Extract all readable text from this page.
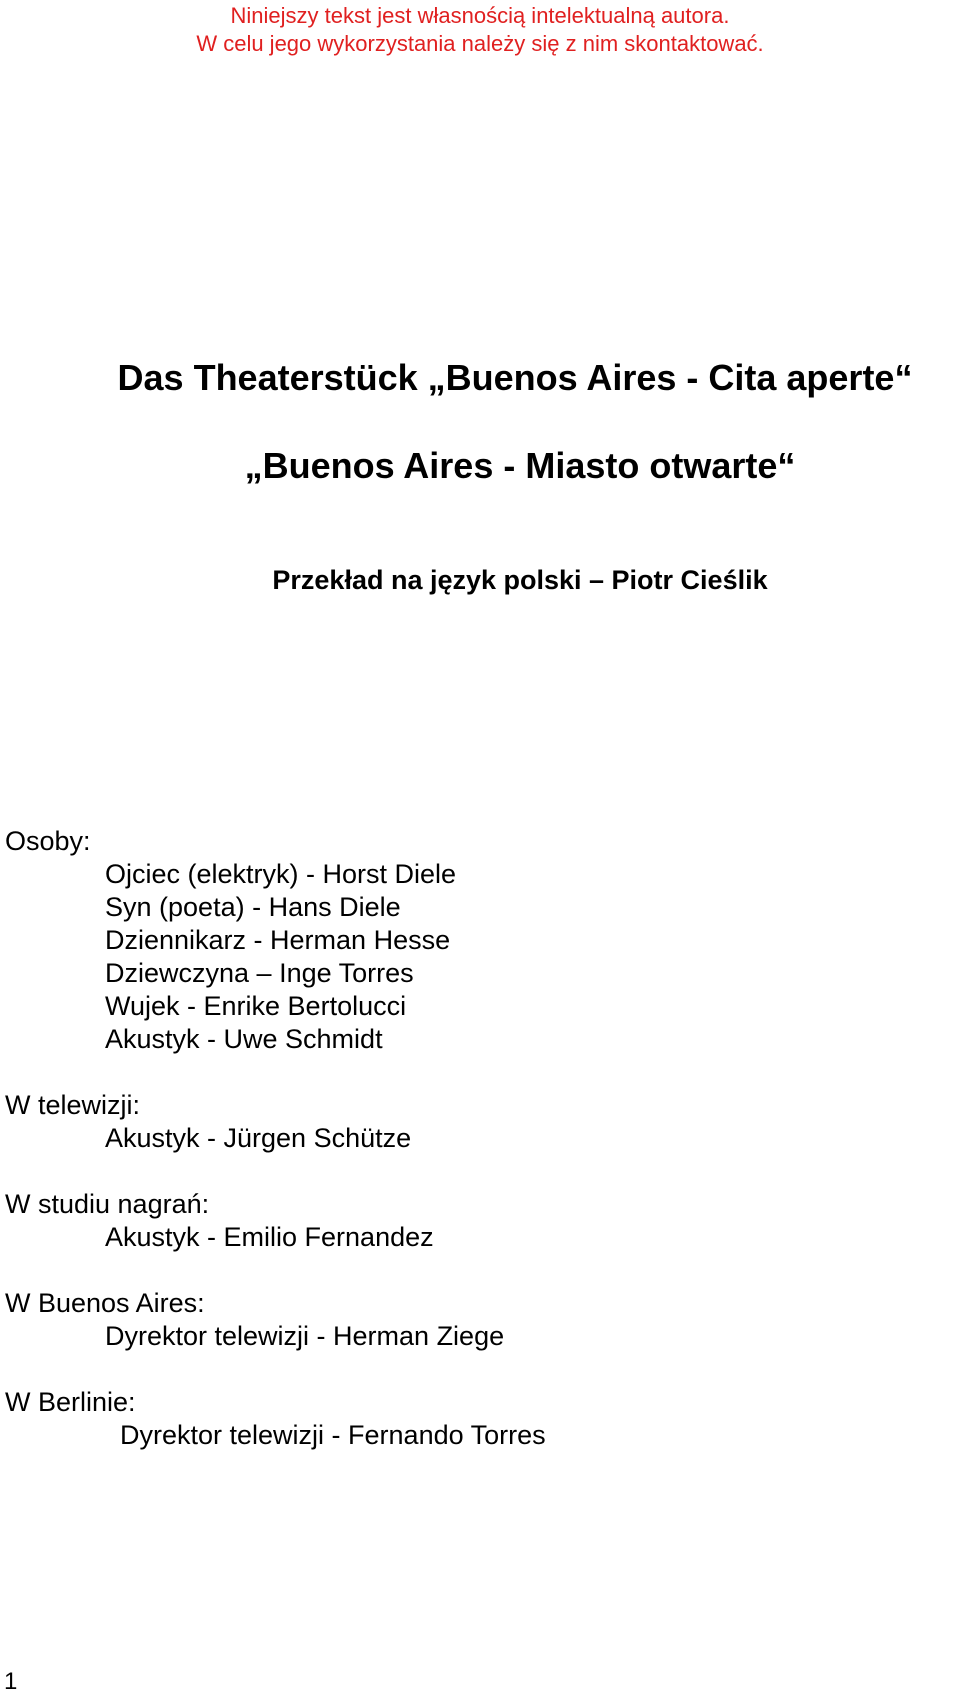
Niniejszy tekst jest własnością intelektualną autora.
W celu jego wykorzystania należy się z nim skontaktować.
Das Theaterstück „Buenos Aires - Cita aperte“
„Buenos Aires - Miasto otwarte“
Przekład na język polski – Piotr Cieślik
Osoby:
Ojciec (elektryk) - Horst Diele
Syn (poeta) - Hans Diele
Dziennikarz - Herman Hesse
Dziewczyna – Inge Torres
Wujek - Enrike Bertolucci
Akustyk - Uwe Schmidt
W telewizji:
Akustyk - Jürgen Schütze
W studiu nagrań:
Akustyk - Emilio Fernandez
W Buenos Aires:
Dyrektor telewizji - Herman Ziege
W Berlinie:
Dyrektor telewizji - Fernando Torres
1
